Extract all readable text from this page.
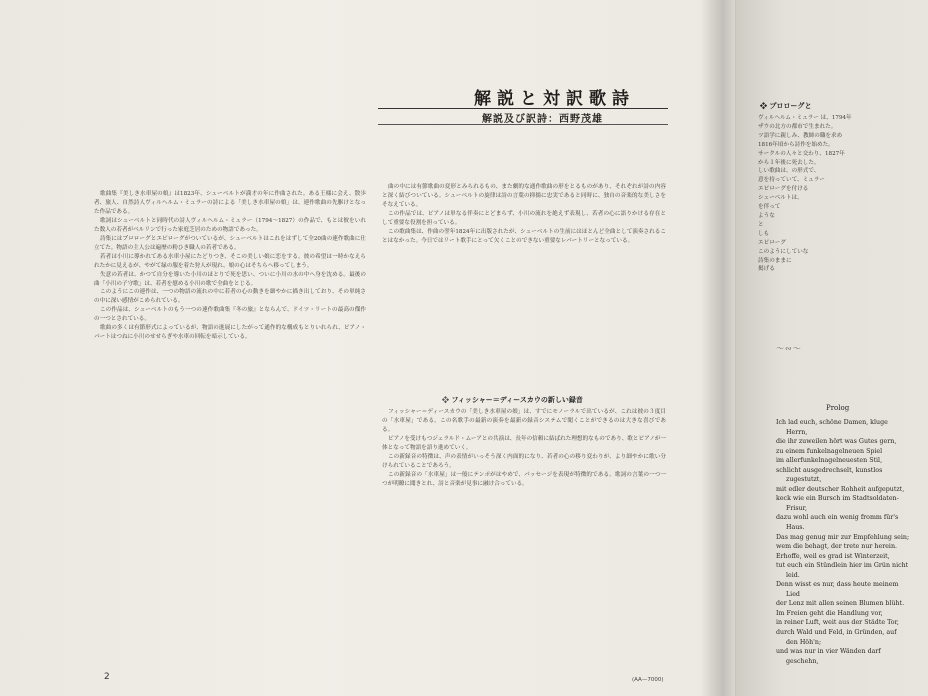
解説と対訳歌詩
解説及び訳詩：西野茂雄

歌曲集『美しき水車屋の娘』は1823年、シューベルトが満才の年に作曲された。ある王様に会え、散歩者、旅人、自然詩人ヴィルヘルム・ミュラーの詩による「美しき水車屋の娘」は、連作歌曲の先駆けとなった作品である。

歌詞はシューベルトと同時代の詩人ヴィルヘルム・ミュラー（1794〜1827）の作品で、もとは彼をいれた数人の若者がベルリンで行った家庭芝居のための物語であった。

詩集にはプロローグとエピローグがついているが、シューベルトはこれをはずして全20曲の連作歌曲に仕立てた。物語の主人公は遍歴の粉ひき職人の若者である。

若者は小川に導かれてある水車小屋にたどりつき、そこの美しい娘に恋をする。彼の希望は一時かなえられたかに見えるが、やがて緑の服を着た狩人が現れ、娘の心はそちらへ移ってしまう。

失意の若者は、かつて自分を導いた小川のほとりで死を思い、ついに小川の水の中へ身を沈める。最後の曲「小川の子守歌」は、若者を慰める小川の歌で全曲をとじる。

このようにこの連作は、一つの物語の流れの中に若者の心の動きを細やかに描き出しており、その単純さの中に深い感情がこめられている。

この作品は、シューベルトのもう一つの連作歌曲集『冬の旅』とならんで、ドイツ・リートの最高の傑作の一つとされている。

歌曲の多くは有節形式によっているが、物語の進展にしたがって通作的な構成もとりいれられ、ピアノ・パートはつねに小川のせせらぎや水車の回転を暗示している。

曲の中には有節歌曲の変形とみられるもの、また劇的な通作歌曲の形をとるものがあり、それぞれが詩の内容と深く結びついている。シューベルトの旋律は詩の言葉の抑揚に忠実であると同時に、独自の音楽的な美しさをそなえている。

この作品では、ピアノは単なる伴奏にとどまらず、小川の流れを絶えず表現し、若者の心に語りかける存在として重要な役割を担っている。

この歌曲集は、作曲の翌年1824年に出版されたが、シューベルトの生前にはほとんど全曲として演奏されることはなかった。今日ではリート歌手にとって欠くことのできない重要なレパートリーとなっている。

❖ フィッシャー＝ディースカウの新しい録音

フィッシャー＝ディースカウの「美しき水車屋の娘」は、すでにモノーラルで出ているが、これは彼の３度目の「水車屋」である。この名歌手の最新の演奏を最新の録音システムで聞くことができるのは大きな喜びである。

ピアノを受けもつジェラルド・ムーアとの共演は、長年の信頼に結ばれた理想的なものであり、歌とピアノが一体となって物語を語り進めていく。

この新録音の特徴は、声の表情がいっそう深く内面的になり、若者の心の移り変わりが、より細やかに歌い分けられていることであろう。

この新録音の「水車屋」は一般にテンポがはやめで、パッセージを表現が特徴的である。歌詞の言葉の一つ一つが明瞭に聞きとれ、詩と音楽が見事に融け合っている。

2	(AA—7000)
❖ プロローグと

ヴィルヘルム・ミュラー は、1794年

ザウの北方の都市で生まれた。

ツ語学に親しみ、教師の職を求め

1816年頃から詩作を始めた。

サークルの人々と交わり、1827年

から１年後に死去した。

しい歌曲は、の形式で、

意を持っていて、ミュラー

エピローグを付ける

シューベルトは、

を伴って

ような

と

しも

エピローグ

このようにしていな

詩集のままに

掲げる

〜∾〜
Prolog
Ich lad euch, schöne Damen, kluge
Herrn,
die ihr zuweilen hört was Gutes gern,
zu einem funkelnagelneuen Spiel
im allerfunkelnagelneuesten Stil,
schlicht ausgedrechselt, kunstlos
zugestutzt,
mit edler deutscher Rohheit aufgeputzt,
keck wie ein Bursch im Stadtsoldaten-
Frisur,
dazu wohl auch ein wenig fromm für's
Haus.
Das mag genug mir zur Empfehlung sein;
wem die behagt, der trete nur herein.
Erhoffe, weil es grad ist Winterzeit,
tut euch ein Stündlein hier im Grün nicht
leid.
Denn wisst es nur, dass heute meinem
Lied
der Lenz mit allen seinen Blumen blüht.
Im Freien geht die Handlung vor,
in reiner Luft, weit aus der Städte Tor,
durch Wald und Feld, in Gründen, auf
den Höh'n;
und was nur in vier Wänden darf
geschehn,
